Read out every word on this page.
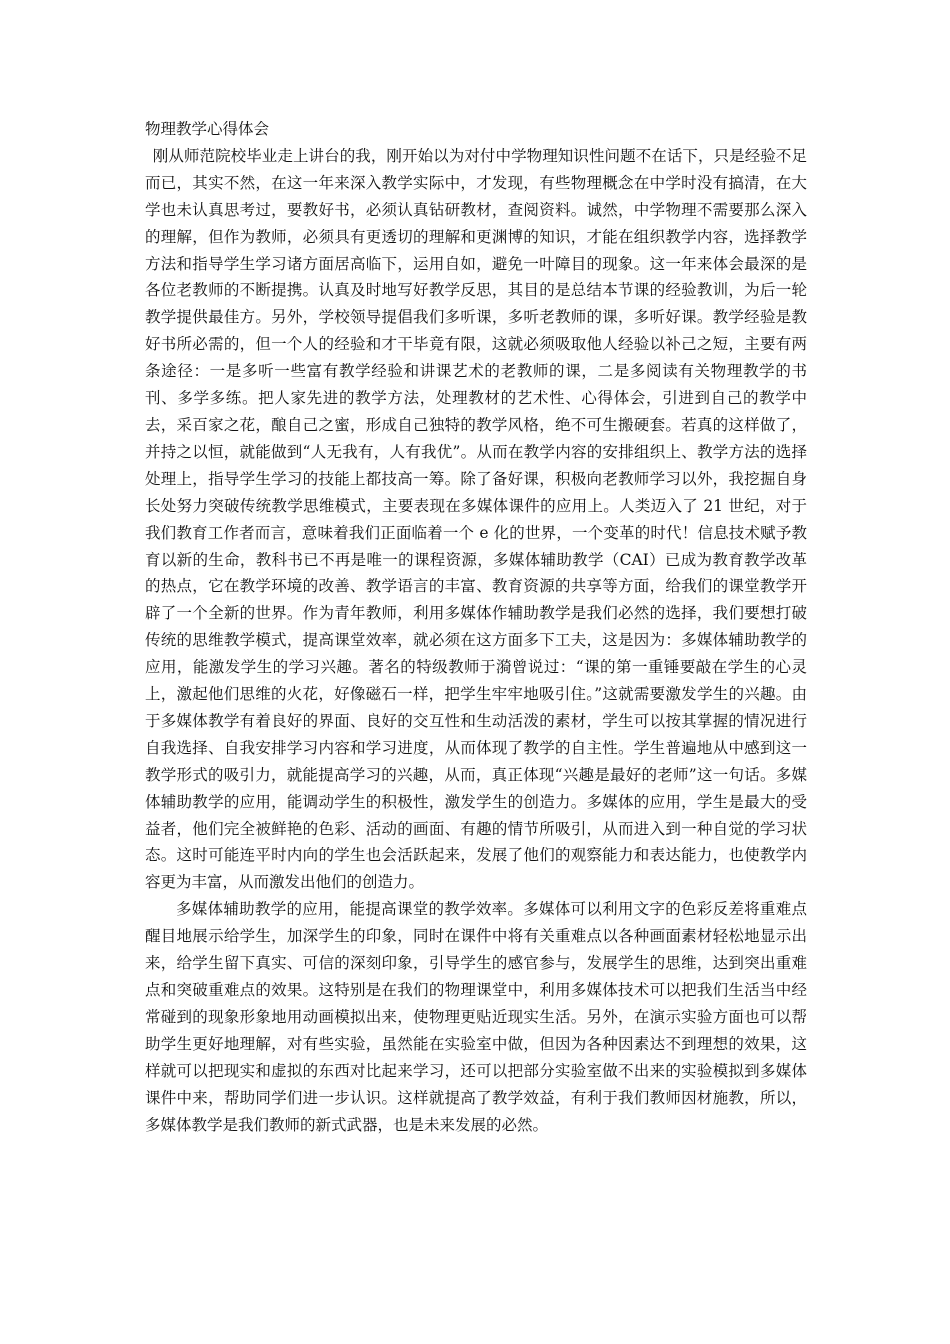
物理教学心得体会

刚从师范院校毕业走上讲台的我，刚开始以为对付中学物理知识性问题不在话下，只是经验不足而已，其实不然，在这一年来深入教学实际中，才发现，有些物理概念在中学时没有搞清，在大学也未认真思考过，要教好书，必须认真钻研教材，查阅资料。诚然，中学物理不需要那么深入的理解，但作为教师，必须具有更透切的理解和更渊博的知识，才能在组织教学内容，选择教学方法和指导学生学习诸方面居高临下，运用自如，避免一叶障目的现象。这一年来体会最深的是各位老教师的不断提携。认真及时地写好教学反思，其目的是总结本节课的经验教训，为后一轮教学提供最佳方。另外，学校领导提倡我们多听课，多听老教师的课，多听好课。教学经验是教好书所必需的，但一个人的经验和才干毕竟有限，这就必须吸取他人经验以补己之短，主要有两条途径：一是多听一些富有教学经验和讲课艺术的老教师的课，二是多阅读有关物理教学的书刊、多学多练。把人家先进的教学方法，处理教材的艺术性、心得体会，引进到自己的教学中去，采百家之花，酿自己之蜜，形成自己独特的教学风格，绝不可生搬硬套。若真的这样做了，并持之以恒，就能做到“人无我有，人有我优”。从而在教学内容的安排组织上、教学方法的选择处理上，指导学生学习的技能上都技高一筹。除了备好课，积极向老教师学习以外，我挖掘自身长处努力突破传统教学思维模式，主要表现在多媒体课件的应用上。人类迈入了 21 世纪，对于我们教育工作者而言，意味着我们正面临着一个 e 化的世界，一个变革的时代！信息技术赋予教育以新的生命，教科书已不再是唯一的课程资源，多媒体辅助教学（CAI）已成为教育教学改革的热点，它在教学环境的改善、教学语言的丰富、教育资源的共享等方面，给我们的课堂教学开辟了一个全新的世界。作为青年教师，利用多媒体作辅助教学是我们必然的选择，我们要想打破传统的思维教学模式，提高课堂效率，就必须在这方面多下工夫，这是因为：多媒体辅助教学的应用，能激发学生的学习兴趣。著名的特级教师于漪曾说过：“课的第一重锤要敲在学生的心灵上，激起他们思维的火花，好像磁石一样，把学生牢牢地吸引住。”这就需要激发学生的兴趣。由于多媒体教学有着良好的界面、良好的交互性和生动活泼的素材，学生可以按其掌握的情况进行自我选择、自我安排学习内容和学习进度，从而体现了教学的自主性。学生普遍地从中感到这一教学形式的吸引力，就能提高学习的兴趣，从而，真正体现“兴趣是最好的老师”这一句话。多媒体辅助教学的应用，能调动学生的积极性，激发学生的创造力。多媒体的应用，学生是最大的受益者，他们完全被鲜艳的色彩、活动的画面、有趣的情节所吸引，从而进入到一种自觉的学习状态。这时可能连平时内向的学生也会活跃起来，发展了他们的观察能力和表达能力，也使教学内容更为丰富，从而激发出他们的创造力。

多媒体辅助教学的应用，能提高课堂的教学效率。多媒体可以利用文字的色彩反差将重难点醒目地展示给学生，加深学生的印象，同时在课件中将有关重难点以各种画面素材轻松地显示出来，给学生留下真实、可信的深刻印象，引导学生的感官参与，发展学生的思维，达到突出重难点和突破重难点的效果。这特别是在我们的物理课堂中，利用多媒体技术可以把我们生活当中经常碰到的现象形象地用动画模拟出来，使物理更贴近现实生活。另外，在演示实验方面也可以帮助学生更好地理解，对有些实验，虽然能在实验室中做，但因为各种因素达不到理想的效果，这样就可以把现实和虚拟的东西对比起来学习，还可以把部分实验室做不出来的实验模拟到多媒体课件中来，帮助同学们进一步认识。这样就提高了教学效益，有利于我们教师因材施教，所以，多媒体教学是我们教师的新式武器，也是未来发展的必然。
